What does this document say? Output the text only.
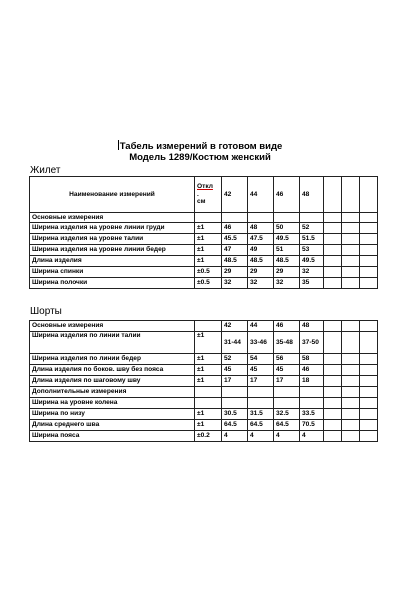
Табель измерений в готовом виде
Модель 1289/Костюм женский
Жилет
Наименование измерений	Откл
.
см	42	44	46	48			
Основные измерения								
Ширина изделия на уровне линии груди	±1	46	48	50	52			
Ширина изделия на уровне талии	±1	45.5	47.5	49.5	51.5			
Ширина изделия на уровне линии бедер	±1	47	49	51	53			
Длина изделия	±1	48.5	48.5	48.5	49.5			
Ширина спинки	±0.5	29	29	29	32			
Ширина полочки	±0.5	32	32	32	35			
Шорты
Основные измерения		42	44	46	48			
Ширина изделия по линии талии	±1	31-44	33-46	35-48	37-50			
Ширина изделия по линии бедер	±1	52	54	56	58			
Длина изделия по боков. шву без пояса	±1	45	45	45	46			
Длина изделия по шаговому шву	±1	17	17	17	18			
Дополнительные измерения								
Ширина на уровне колена								
Ширина по низу	±1	30.5	31.5	32.5	33.5			
Длина среднего шва	±1	64.5	64.5	64.5	70.5			
Ширина пояса	±0.2	4	4	4	4			
